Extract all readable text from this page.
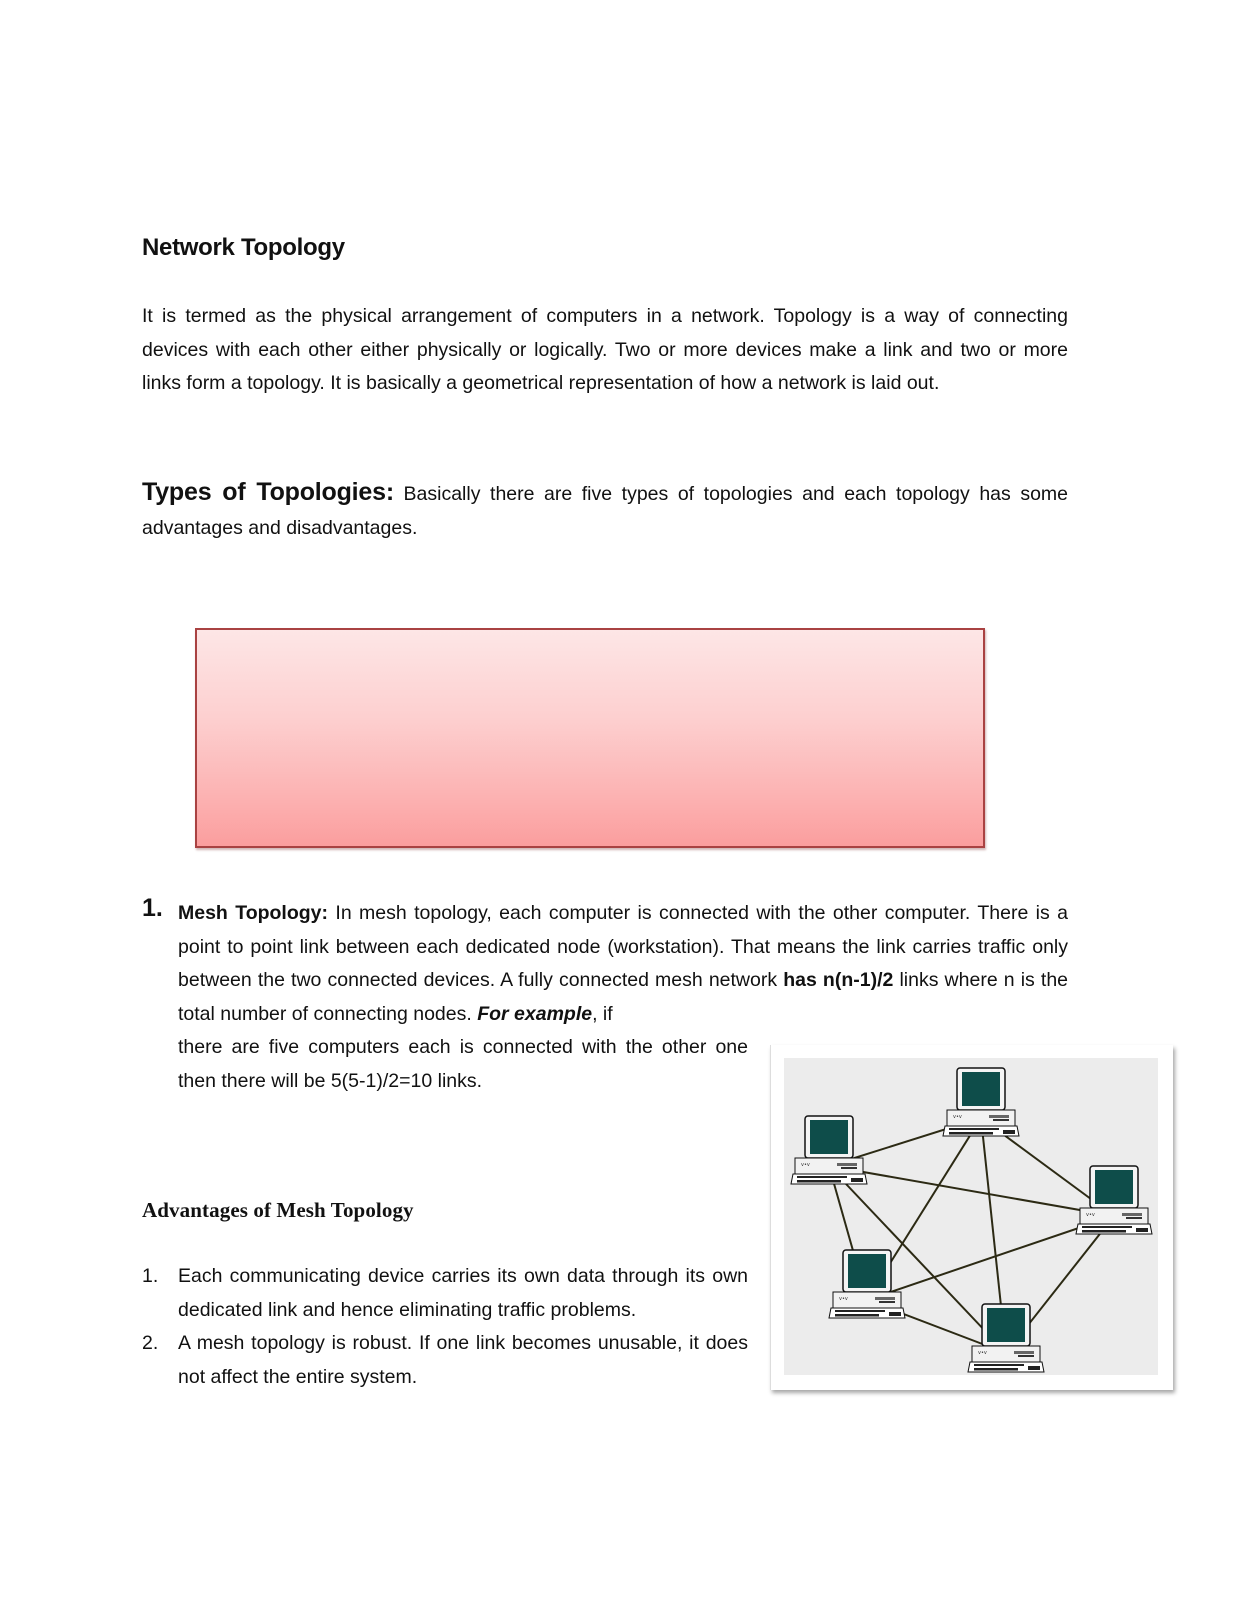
Network Topology
It is termed as the physical arrangement of computers in a network. Topology is a way of connecting devices with each other either physically or logically. Two or more devices make a link and two or more links form a topology. It is basically a geometrical representation of how a network is laid out.
Types of Topologies: Basically there are five types of topologies and each topology has some advantages and disadvantages.
1. Mesh Topology: In mesh topology, each computer is connected with the other computer. There is a point to point link between each dedicated node (workstation). That means the link carries traffic only between the two connected devices. A fully connected mesh network has n(n-1)/2 links where n is the total number of connecting nodes. For example, if
there are five computers each is connected with the other one then there will be 5(5-1)/2=10 links.
Advantages of Mesh Topology
1. Each communicating device carries its own data through its own dedicated link and hence eliminating traffic problems.
2. A mesh topology is robust. If one link becomes unusable, it does not affect the entire system.
v•v
